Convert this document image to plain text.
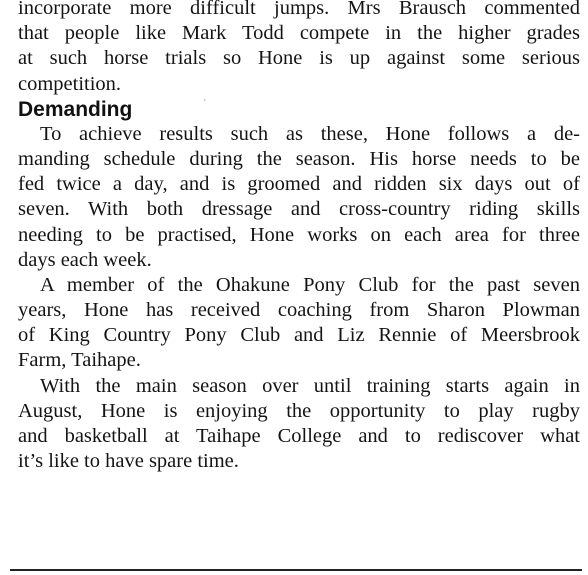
incorporate more difficult jumps. Mrs Brausch commented

that people like Mark Todd compete in the higher grades

at such horse trials so Hone is up against some serious

competition.

Demanding

To achieve results such as these, Hone follows a de-

manding schedule during the season. His horse needs to be

fed twice a day, and is groomed and ridden six days out of

seven. With both dressage and cross-country riding skills

needing to be practised, Hone works on each area for three

days each week.

A member of the Ohakune Pony Club for the past seven

years, Hone has received coaching from Sharon Plowman

of King Country Pony Club and Liz Rennie of Meersbrook

Farm, Taihape.

With the main season over until training starts again in

August, Hone is enjoying the opportunity to play rugby

and basketball at Taihape College and to rediscover what

it’s like to have spare time.

'
